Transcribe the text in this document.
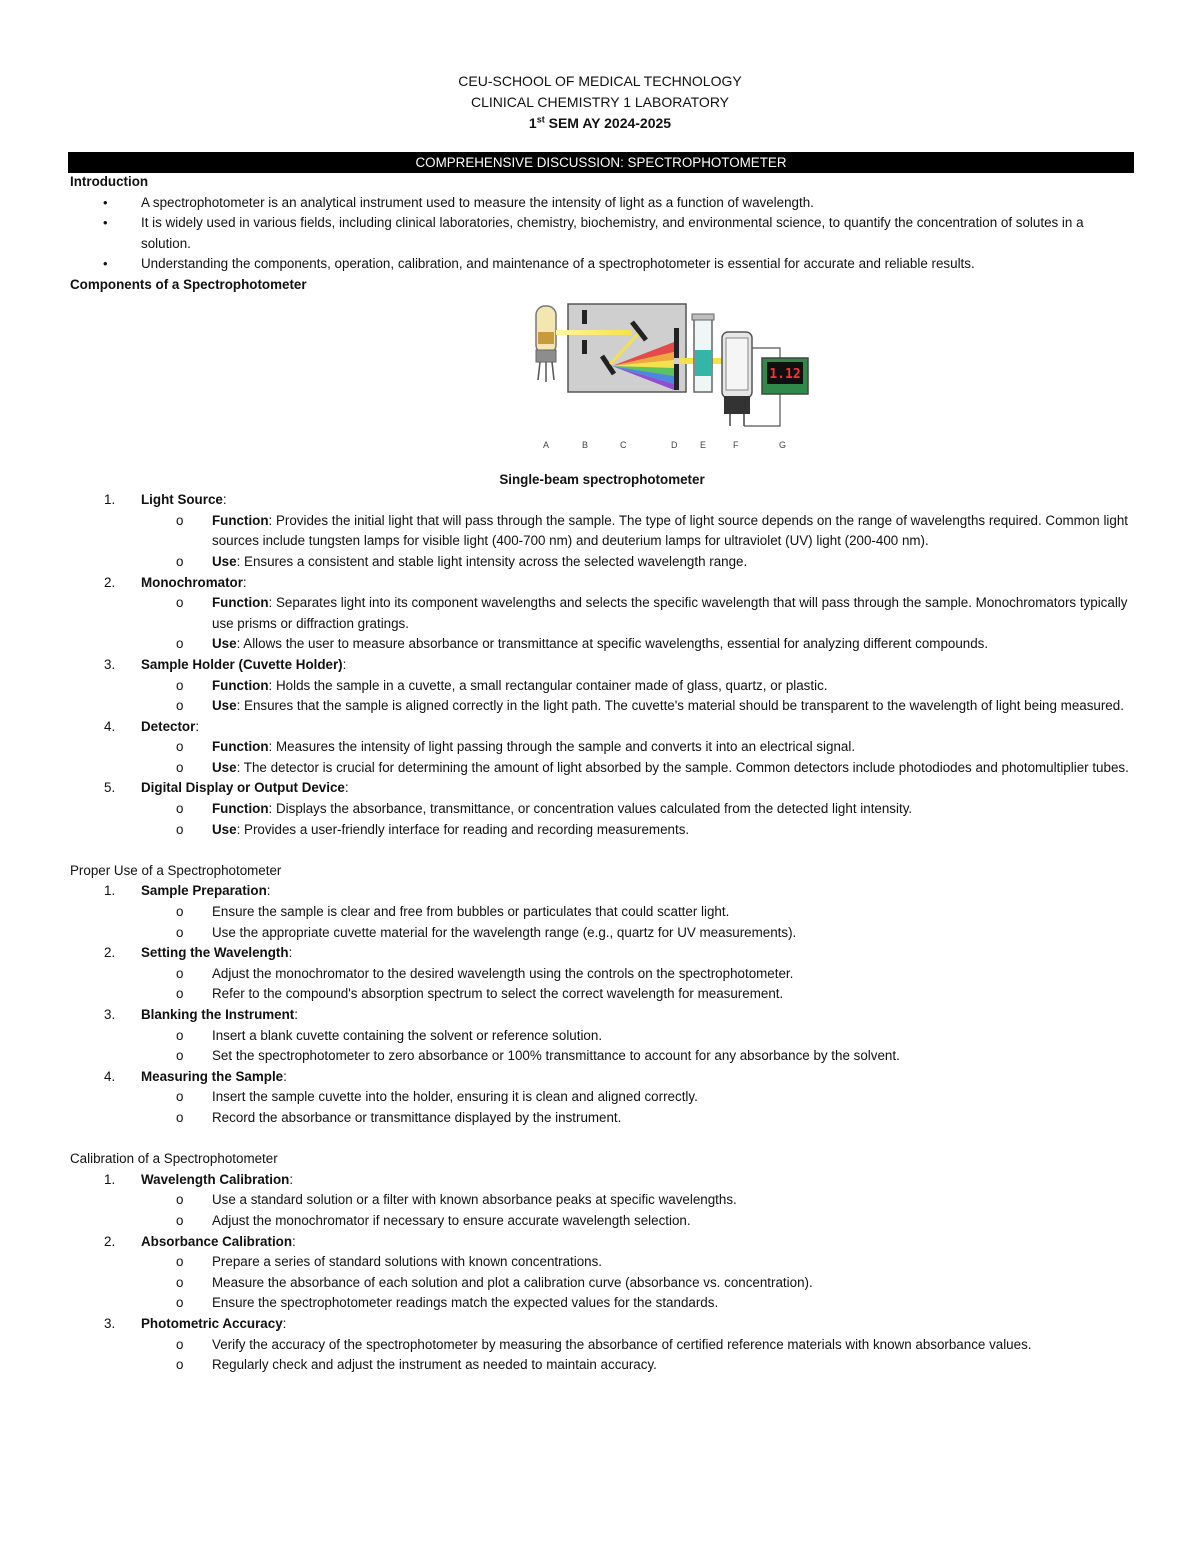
CEU-SCHOOL OF MEDICAL TECHNOLOGY
CLINICAL CHEMISTRY 1 LABORATORY
1st SEM AY 2024-2025
COMPREHENSIVE DISCUSSION: SPECTROPHOTOMETER
Introduction
• A spectrophotometer is an analytical instrument used to measure the intensity of light as a function of wavelength.
• It is widely used in various fields, including clinical laboratories, chemistry, biochemistry, and environmental science, to quantify the concentration of solutes in a solution.
• Understanding the components, operation, calibration, and maintenance of a spectrophotometer is essential for accurate and reliable results.
Components of a Spectrophotometer
1.12
A	B	C	D	E	F	G
Single-beam spectrophotometer
1. Light Source:
o Function: Provides the initial light that will pass through the sample. The type of light source depends on the range of wavelengths required. Common light sources include tungsten lamps for visible light (400-700 nm) and deuterium lamps for ultraviolet (UV) light (200-400 nm).
o Use: Ensures a consistent and stable light intensity across the selected wavelength range.
2. Monochromator:
o Function: Separates light into its component wavelengths and selects the specific wavelength that will pass through the sample. Monochromators typically use prisms or diffraction gratings.
o Use: Allows the user to measure absorbance or transmittance at specific wavelengths, essential for analyzing different compounds.
3. Sample Holder (Cuvette Holder):
o Function: Holds the sample in a cuvette, a small rectangular container made of glass, quartz, or plastic.
o Use: Ensures that the sample is aligned correctly in the light path. The cuvette's material should be transparent to the wavelength of light being measured.
4. Detector:
o Function: Measures the intensity of light passing through the sample and converts it into an electrical signal.
o Use: The detector is crucial for determining the amount of light absorbed by the sample. Common detectors include photodiodes and photomultiplier tubes.
5. Digital Display or Output Device:
o Function: Displays the absorbance, transmittance, or concentration values calculated from the detected light intensity.
o Use: Provides a user-friendly interface for reading and recording measurements.
Proper Use of a Spectrophotometer
1. Sample Preparation:
o Ensure the sample is clear and free from bubbles or particulates that could scatter light.
o Use the appropriate cuvette material for the wavelength range (e.g., quartz for UV measurements).
2. Setting the Wavelength:
o Adjust the monochromator to the desired wavelength using the controls on the spectrophotometer.
o Refer to the compound's absorption spectrum to select the correct wavelength for measurement.
3. Blanking the Instrument:
o Insert a blank cuvette containing the solvent or reference solution.
o Set the spectrophotometer to zero absorbance or 100% transmittance to account for any absorbance by the solvent.
4. Measuring the Sample:
o Insert the sample cuvette into the holder, ensuring it is clean and aligned correctly.
o Record the absorbance or transmittance displayed by the instrument.
Calibration of a Spectrophotometer
1. Wavelength Calibration:
o Use a standard solution or a filter with known absorbance peaks at specific wavelengths.
o Adjust the monochromator if necessary to ensure accurate wavelength selection.
2. Absorbance Calibration:
o Prepare a series of standard solutions with known concentrations.
o Measure the absorbance of each solution and plot a calibration curve (absorbance vs. concentration).
o Ensure the spectrophotometer readings match the expected values for the standards.
3. Photometric Accuracy:
o Verify the accuracy of the spectrophotometer by measuring the absorbance of certified reference materials with known absorbance values.
o Regularly check and adjust the instrument as needed to maintain accuracy.
